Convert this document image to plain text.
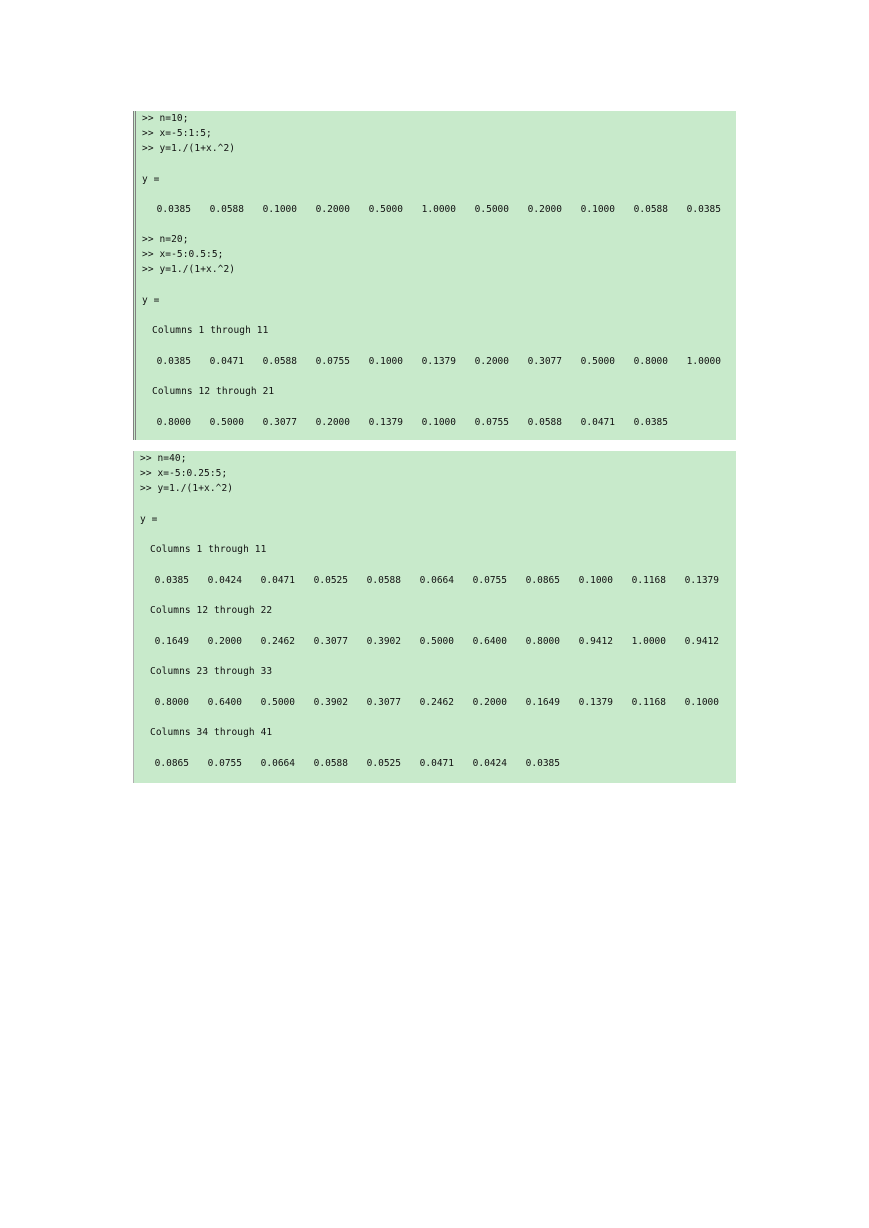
>> n=10;
>> x=-5:1:5;
>> y=1./(1+x.^2)
y =
0.0385	0.0588	0.1000	0.2000	0.5000	1.0000	0.5000	0.2000	0.1000	0.0588	0.0385
>> n=20;
>> x=-5:0.5:5;
>> y=1./(1+x.^2)
y =
Columns 1 through 11
0.0385	0.0471	0.0588	0.0755	0.1000	0.1379	0.2000	0.3077	0.5000	0.8000	1.0000
Columns 12 through 21
0.8000	0.5000	0.3077	0.2000	0.1379	0.1000	0.0755	0.0588	0.0471	0.0385
>> n=40;
>> x=-5:0.25:5;
>> y=1./(1+x.^2)
y =
Columns 1 through 11
0.0385	0.0424	0.0471	0.0525	0.0588	0.0664	0.0755	0.0865	0.1000	0.1168	0.1379
Columns 12 through 22
0.1649	0.2000	0.2462	0.3077	0.3902	0.5000	0.6400	0.8000	0.9412	1.0000	0.9412
Columns 23 through 33
0.8000	0.6400	0.5000	0.3902	0.3077	0.2462	0.2000	0.1649	0.1379	0.1168	0.1000
Columns 34 through 41
0.0865	0.0755	0.0664	0.0588	0.0525	0.0471	0.0424	0.0385
